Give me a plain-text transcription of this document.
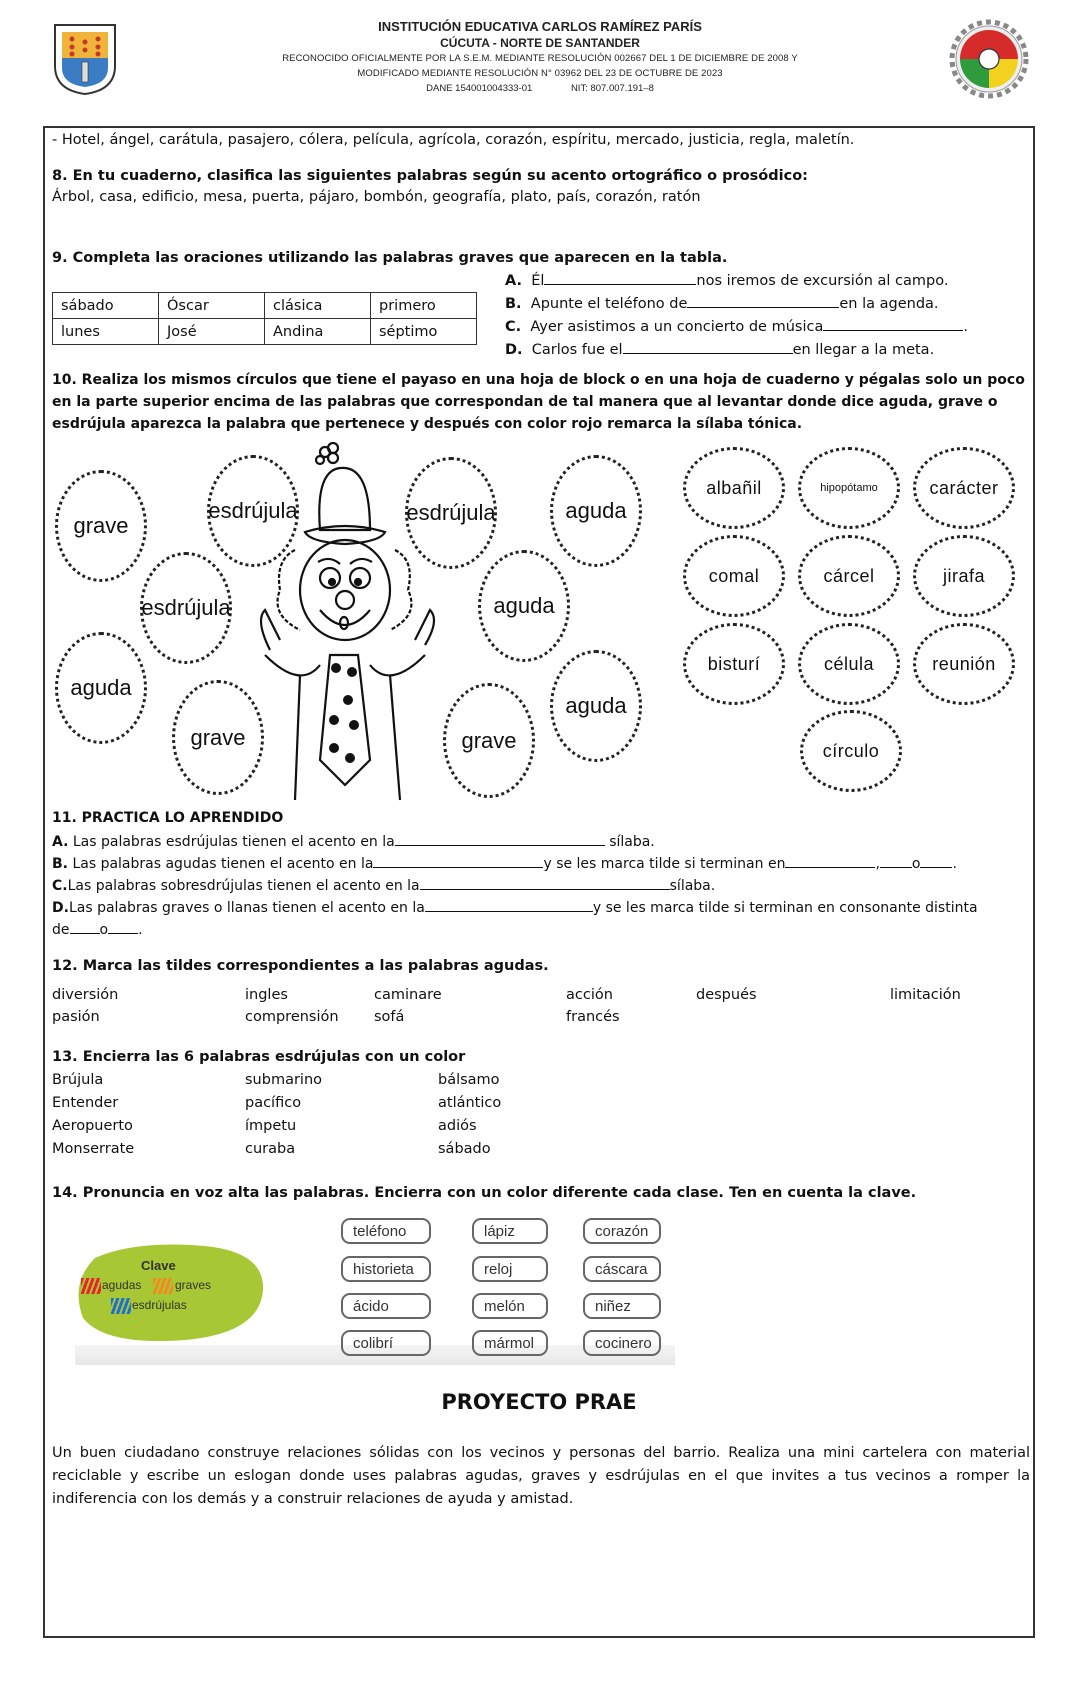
INSTITUCIÓN EDUCATIVA CARLOS RAMÍREZ PARÍS
CÚCUTA - NORTE DE SANTANDER
RECONOCIDO OFICIALMENTE POR LA S.E.M. MEDIANTE RESOLUCIÓN 002667 DEL 1 DE DICIEMBRE DE 2008 Y
MODIFICADO MEDIANTE RESOLUCIÓN N° 03962 DEL 23 DE OCTUBRE DE 2023
DANE 154001004333-01	NIT: 807.007.191–8
- Hotel, ángel, carátula, pasajero, cólera, película, agrícola, corazón, espíritu, mercado, justicia, regla, maletín.
8. En tu cuaderno, clasifica las siguientes palabras según su acento ortográfico o prosódico:
Árbol, casa, edificio, mesa, puerta, pájaro, bombón, geografía, plato, país, corazón, ratón
9. Completa las oraciones utilizando las palabras graves que aparecen en la tabla.
sábado	Óscar	clásica	primero
lunes	José	Andina	séptimo
A. Él	nos iremos de excursión al campo.
B. Apunte el teléfono de	en la agenda.
C. Ayer asistimos a un concierto de música	.
D. Carlos fue el	en llegar a la meta.
10. Realiza los mismos círculos que tiene el payaso en una hoja de block o en una hoja de cuaderno y pégalas solo un poco
en la parte superior encima de las palabras que correspondan de tal manera que al levantar donde dice aguda, grave o
esdrújula aparezca la palabra que pertenece y después con color rojo remarca la sílaba tónica.
grave
esdrújula	esdrújula	aguda
esdrújula	aguda
aguda
aguda
grave	grave
albañil	hipopótamo	carácter
comal	cárcel	jirafa
bisturí	célula	reunión
círculo
11. PRACTICA LO APRENDIDO
A. Las palabras esdrújulas tienen el acento en la	sílaba.
B. Las palabras agudas tienen el acento en la	y se les marca tilde si terminan en	, o .
C.Las palabras sobresdrújulas tienen el acento en la	sílaba.
D.Las palabras graves o llanas tienen el acento en la	y se les marca tilde si terminan en consonante distinta
de o .
12. Marca las tildes correspondientes a las palabras agudas.
diversión	ingles	caminare	acción	después	limitación
pasión	comprensión sofá	francés
13. Encierra las 6 palabras esdrújulas con un color
Brújula
Entender
Aeropuerto
Monserrate
submarino
pacífico
ímpetu
curaba
bálsamo
atlántico
adiós
sábado
14. Pronuncia en voz alta las palabras. Encierra con un color diferente cada clase. Ten en cuenta la clave.
Clave
agudas	graves
esdrújulas
teléfono	lápiz	corazón
historieta	reloj	cáscara
ácido	melón	niñez
colibrí	mármol	cocinero
PROYECTO PRAE
Un buen ciudadano construye relaciones sólidas con los vecinos y personas del barrio. Realiza una mini cartelera con material reciclable y escribe un eslogan donde uses palabras agudas, graves y esdrújulas en el que invites a tus vecinos a romper la indiferencia con los demás y a construir relaciones de ayuda y amistad.
